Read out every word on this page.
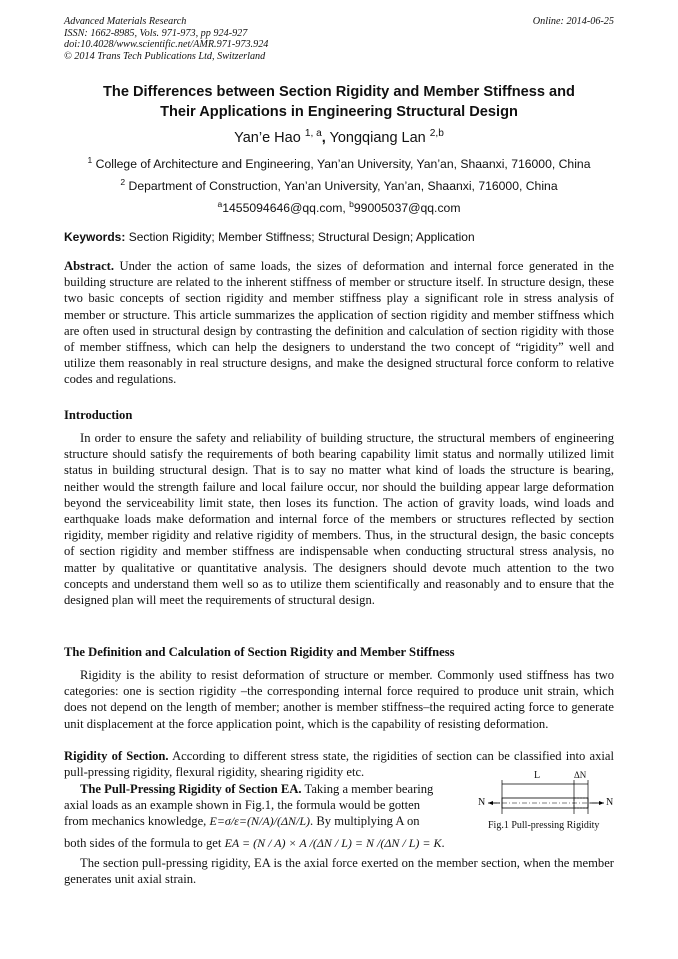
Advanced Materials Research
ISSN: 1662-8985, Vols. 971-973, pp 924-927
doi:10.4028/www.scientific.net/AMR.971-973.924
© 2014 Trans Tech Publications Ltd, Switzerland
Online: 2014-06-25
The Differences between Section Rigidity and Member Stiffness and
Their Applications in Engineering Structural Design
Yan’e Hao $^{1, a}$, Yongqiang Lan $^{2,b}$
$^1$ College of Architecture and Engineering, Yan’an University, Yan’an, Shaanxi, 716000, China
$^2$ Department of Construction, Yan’an University, Yan’an, Shaanxi, 716000, China
$^a$1455094646@qq.com, $^b$99005037@qq.com
Keywords: Section Rigidity; Member Stiffness; Structural Design; Application
Abstract. Under the action of same loads, the sizes of deformation and internal force generated in the building structure are related to the inherent stiffness of member or structure itself. In structure design, these two basic concepts of section rigidity and member stiffness play a significant role in stress analysis of member or structure. This article summarizes the application of section rigidity and member stiffness which are often used in structural design by contrasting the definition and calculation of section rigidity with those of member stiffness, which can help the designers to understand the two concept of “rigidity” well and utilize them reasonably in real structure designs, and make the designed structural force conform to relative codes and regulations.
Introduction
In order to ensure the safety and reliability of building structure, the structural members of engineering structure should satisfy the requirements of both bearing capability limit status and normally utilized limit status in building structural design. That is to say no matter what kind of loads the structure is bearing, neither would the strength failure and local failure occur, nor should the building appear large deformation beyond the serviceability limit state, then loses its function. The action of gravity loads, wind loads and earthquake loads make deformation and internal force of the members or structures reflected by section rigidity, member rigidity and relative rigidity of members. Thus, in the structural design, the basic concepts of section rigidity and member stiffness are indispensable when conducting structural stress analysis, no matter by qualitative or quantitative analysis. The designers should devote much attention to the two concepts and understand them well so as to utilize them scientifically and reasonably and to ensure that the designed plan will meet the requirements of structural design.
The Definition and Calculation of Section Rigidity and Member Stiffness
Rigidity is the ability to resist deformation of structure or member. Commonly used stiffness has two categories: one is section rigidity –the corresponding internal force required to produce unit strain, which does not depend on the length of member; another is member stiffness–the required acting force to generate unit displacement at the force application point, which is the capability of resisting deformation.
Rigidity of Section. According to different stress state, the rigidities of section can be classified into axial pull-pressing rigidity, flexural rigidity, shearing rigidity etc.
The Pull-Pressing Rigidity of Section EA. Taking a member bearing
axial loads as an example shown in Fig.1, the formula would be gotten
from mechanics knowledge, E=σ/ε=(N/A)/(ΔN/L). By multiplying A on
both sides of the formula to get EA = (N / A) × A /(ΔN / L) = N /(ΔN / L) = K.
The section pull-pressing rigidity, EA is the axial force exerted on the member section, when the member generates unit axial strain.
L	ΔN
N	N
Fig.1 Pull-pressing Rigidity
